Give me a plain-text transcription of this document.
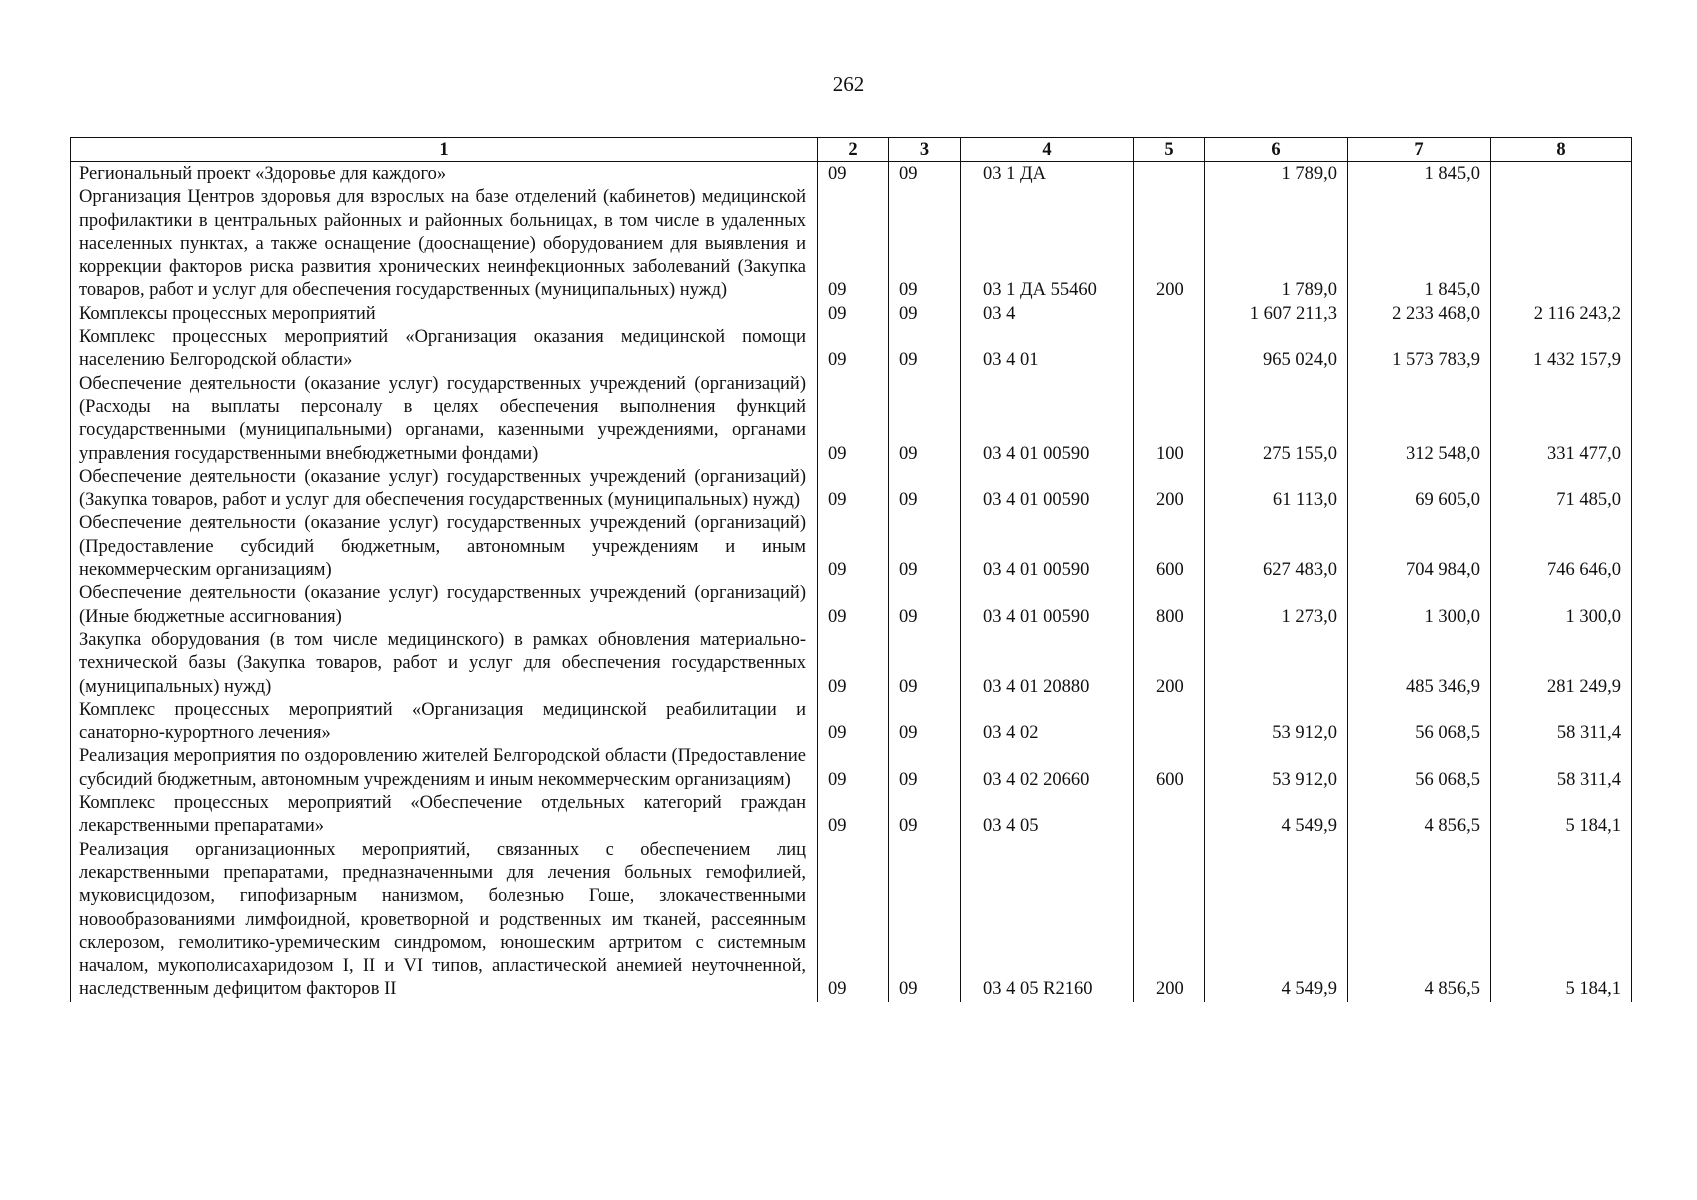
262
1	2	3	4	5	6	7	8
Региональный проект «Здоровье для каждого»	09	09	03 1 ДА		1 789,0	1 845,0	
Организация Центров здоровья для взрослых на базе отделений (кабинетов) медицинской профилактики в центральных районных и районных больницах, в том числе в удаленных населенных пунктах, а также оснащение (дооснащение) оборудованием для выявления и коррекции факторов риска развития хронических неинфекционных заболеваний (Закупка товаров, работ и услуг для обеспечения государственных (муниципальных) нужд)	09	09	03 1 ДА 55460	200	1 789,0	1 845,0	
Комплексы процессных мероприятий	09	09	03 4		1 607 211,3	2 233 468,0	2 116 243,2
Комплекс процессных мероприятий «Организация оказания медицинской помощи населению Белгородской области»	09	09	03 4 01		965 024,0	1 573 783,9	1 432 157,9
Обеспечение деятельности (оказание услуг) государственных учреждений (организаций) (Расходы на выплаты персоналу в целях обеспечения выполнения функций государственными (муниципальными) органами, казенными учреждениями, органами управления государственными внебюджетными фондами)	09	09	03 4 01 00590	100	275 155,0	312 548,0	331 477,0
Обеспечение деятельности (оказание услуг) государственных учреждений (организаций) (Закупка товаров, работ и услуг для обеспечения государственных (муниципальных) нужд)	09	09	03 4 01 00590	200	61 113,0	69 605,0	71 485,0
Обеспечение деятельности (оказание услуг) государственных учреждений (организаций) (Предоставление субсидий бюджетным, автономным учреждениям и иным некоммерческим организациям)	09	09	03 4 01 00590	600	627 483,0	704 984,0	746 646,0
Обеспечение деятельности (оказание услуг) государственных учреждений (организаций) (Иные бюджетные ассигнования)	09	09	03 4 01 00590	800	1 273,0	1 300,0	1 300,0
Закупка оборудования (в том числе медицинского) в рамках обновления материально-технической базы (Закупка товаров, работ и услуг для обеспечения государственных (муниципальных) нужд)	09	09	03 4 01 20880	200		485 346,9	281 249,9
Комплекс процессных мероприятий «Организация медицинской реабилитации и санаторно-курортного лечения»	09	09	03 4 02		53 912,0	56 068,5	58 311,4
Реализация мероприятия по оздоровлению жителей Белгородской области (Предоставление субсидий бюджетным, автономным учреждениям и иным некоммерческим организациям)	09	09	03 4 02 20660	600	53 912,0	56 068,5	58 311,4
Комплекс процессных мероприятий «Обеспечение отдельных категорий граждан лекарственными препаратами»	09	09	03 4 05		4 549,9	4 856,5	5 184,1
Реализация организационных мероприятий, связанных с обеспечением лиц лекарственными препаратами, предназначенными для лечения больных гемофилией, муковисцидозом, гипофизарным нанизмом, болезнью Гоше, злокачественными новообразованиями лимфоидной, кроветворной и родственных им тканей, рассеянным склерозом, гемолитико-уремическим синдромом, юношеским артритом с системным началом, мукополисахаридозом I, II и VI типов, апластической анемией неуточненной, наследственным дефицитом факторов II	09	09	03 4 05 R2160	200	4 549,9	4 856,5	5 184,1
